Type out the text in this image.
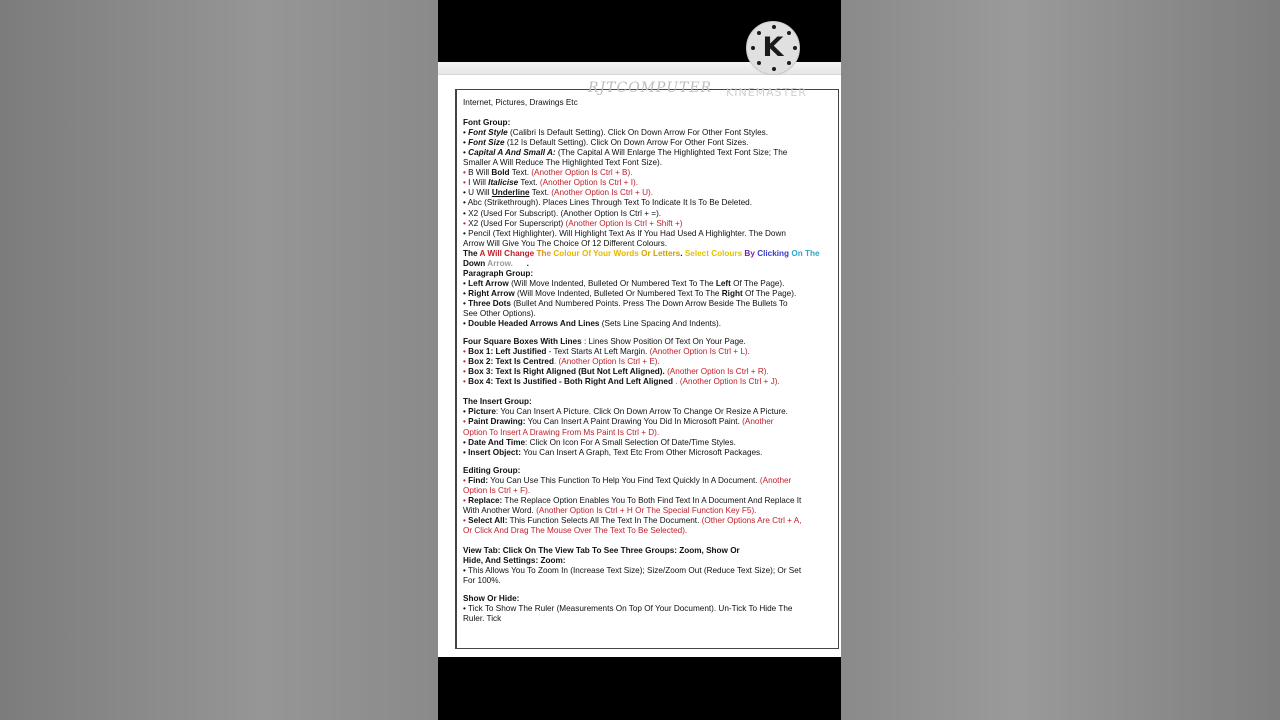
RJTCOMPUTER
K
KINEMASTER
Internet, Pictures, Drawings Etc
Font Group:
• Font Style (Calibri Is Default Setting). Click On Down Arrow For Other Font Styles.
• Font Size (12 Is Default Setting). Click On Down Arrow For Other Font Sizes.
• Capital A And Small A: (The Capital A Will Enlarge The Highlighted Text Font Size; The
Smaller A Will Reduce The Highlighted Text Font Size).
• B Will Bold Text. (Another Option Is Ctrl + B).
• I Will Italicise Text. (Another Option Is Ctrl + I).
• U Will Underline Text. (Another Option Is Ctrl + U).
• Abc (Strikethrough). Places Lines Through Text To Indicate It Is To Be Deleted.
• X2 (Used For Subscript). (Another Option Is Ctrl + =).
• X2 (Used For Superscript) (Another Option Is Ctrl + Shift +)
• Pencil (Text Highlighter). Will Highlight Text As If You Had Used A Highlighter. The Down
Arrow Will Give You The Choice Of 12 Different Colours.
The A Will Change The Colour Of Your Words Or Letters. Select Colours By Clicking On The
Down Arrow. .
Paragraph Group:
• Left Arrow (Will Move Indented, Bulleted Or Numbered Text To The Left Of The Page).
• Right Arrow (Will Move Indented, Bulleted Or Numbered Text To The Right Of The Page).
• Three Dots (Bullet And Numbered Points. Press The Down Arrow Beside The Bullets To
See Other Options).
• Double Headed Arrows And Lines (Sets Line Spacing And Indents).
Four Square Boxes With Lines : Lines Show Position Of Text On Your Page.
• Box 1: Left Justified - Text Starts At Left Margin. (Another Option Is Ctrl + L).
• Box 2: Text Is Centred. (Another Option Is Ctrl + E).
• Box 3: Text Is Right Aligned (But Not Left Aligned). (Another Option Is Ctrl + R).
• Box 4: Text Is Justified - Both Right And Left Aligned . (Another Option Is Ctrl + J).
The Insert Group:
• Picture: You Can Insert A Picture. Click On Down Arrow To Change Or Resize A Picture.
• Paint Drawing: You Can Insert A Paint Drawing You Did In Microsoft Paint. (Another
Option To Insert A Drawing From Ms Paint Is Ctrl + D).
• Date And Time: Click On Icon For A Small Selection Of Date/Time Styles.
• Insert Object: You Can Insert A Graph, Text Etc From Other Microsoft Packages.
Editing Group:
• Find: You Can Use This Function To Help You Find Text Quickly In A Document. (Another
Option Is Ctrl + F).
• Replace: The Replace Option Enables You To Both Find Text In A Document And Replace It
With Another Word. (Another Option Is Ctrl + H Or The Special Function Key F5).
• Select All: This Function Selects All The Text In The Document. (Other Options Are Ctrl + A,
Or Click And Drag The Mouse Over The Text To Be Selected).
View Tab: Click On The View Tab To See Three Groups: Zoom, Show Or
Hide, And Settings: Zoom:
• This Allows You To Zoom In (Increase Text Size); Size/Zoom Out (Reduce Text Size); Or Set
For 100%.
Show Or Hide:
• Tick To Show The Ruler (Measurements On Top Of Your Document). Un-Tick To Hide The
Ruler. Tick
